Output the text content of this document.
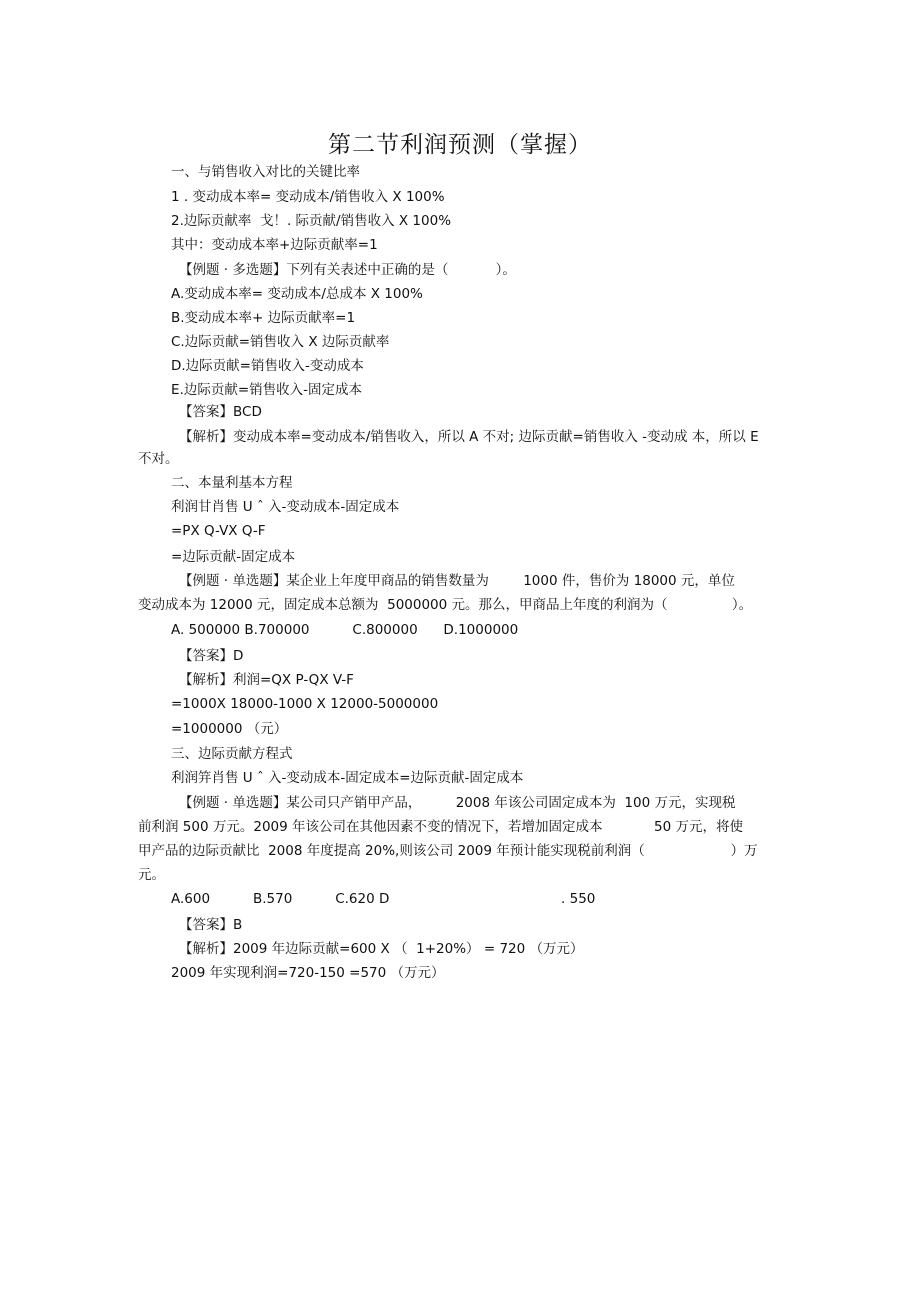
第二节利润预测（掌握）
一、与销售收入对比的关键比率
1 . 变动成本率= 变动成本/销售收入 X 100%
2.边际贡献率  戈！. 际贡献/销售收入 X 100%
其中：变动成本率+边际贡献率=1
【例题 · 多选题】下列有关表述中正确的是（           ）。
A.变动成本率= 变动成本/总成本 X 100%
B.变动成本率+ 边际贡献率=1
C.边际贡献=销售收入 X 边际贡献率
D.边际贡献=销售收入-变动成本
E.边际贡献=销售收入-固定成本
【答案】BCD
【解析】变动成本率=变动成本/销售收入，所以 A 不对; 边际贡献=销售收入 -变动成 本，所以 E
不对。
二、本量利基本方程
利润甘肖售 U ˆ 入-变动成本-固定成本
=PX Q-VX Q-F
=边际贡献-固定成本
【例题 · 单选题】某企业上年度甲商品的销售数量为        1000 件，售价为 18000 元，单位
变动成本为 12000 元，固定成本总额为  5000000 元。那么，甲商品上年度的利润为（               ）。
A. 500000 B.700000          C.800000      D.1000000
【答案】D
【解析】利润=QX P-QX V-F
=1000X 18000-1000 X 12000-5000000
=1000000 （元）
三、边际贡献方程式
利润笄肖售 U ˆ 入-变动成本-固定成本=边际贡献-固定成本
【例题 · 单选题】某公司只产销甲产品，        2008 年该公司固定成本为  100 万元，实现税
前利润 500 万元。2009 年该公司在其他因素不变的情况下，若增加固定成本            50 万元，将使
甲产品的边际贡献比  2008 年度提高 20%,则该公司 2009 年预计能实现税前利润（                    ）万
元。
A.600          B.570          C.620 D                                        . 550
【答案】B
【解析】2009 年边际贡献=600 X （  1+20%） = 720 （万元）
2009 年实现利润=720-150 =570 （万元）
